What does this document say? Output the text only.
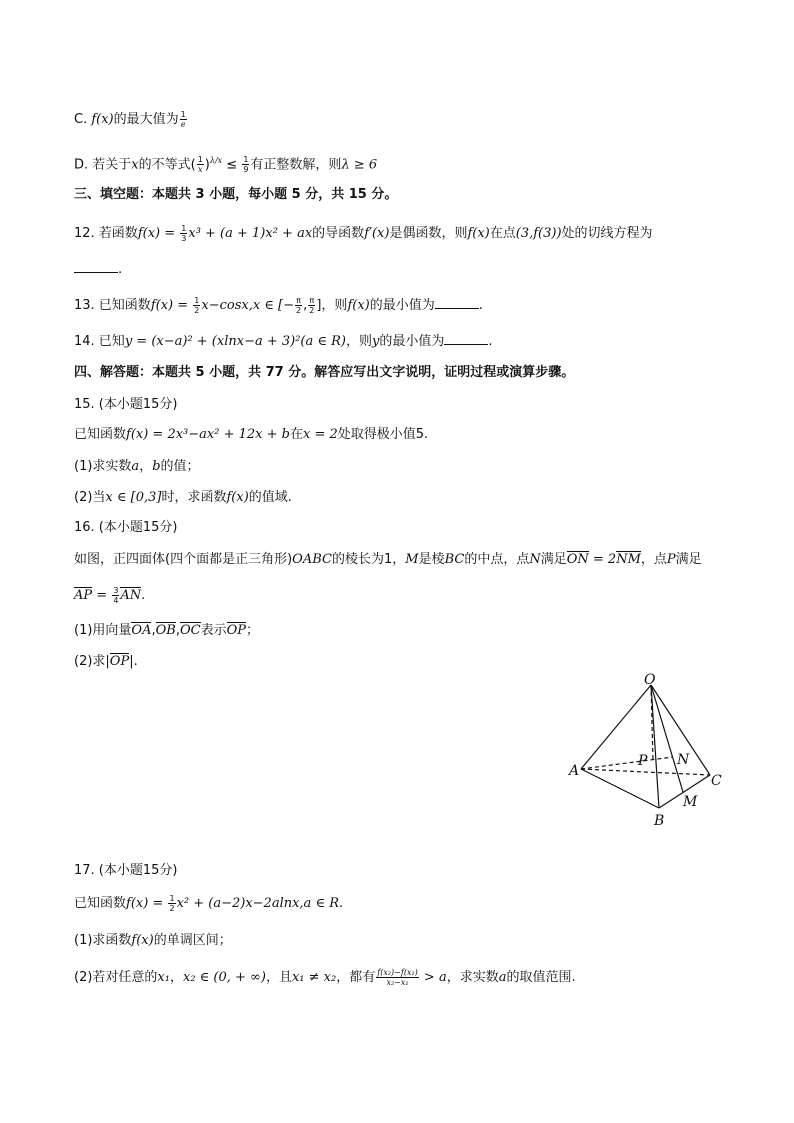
C. f(x)的最大值为 $\frac{1}{e}$
D. 若关于x的不等式( $\frac{1}{x} )^{\lambda/x} \le \frac{1}{9}$ 有正整数解，则λ ≥ 6
三、填空题：本题共 3 小题，每小题 5 分，共 15 分。
12. 若函数$f(x) = \frac{1}{3} x^3 + (a + 1)x^2$ + ax的导函数f′(x)是偶函数，则f(x)在点(3,f(3))处的切线方程为
.
13. 已知函数$f(x) = \frac{1}{2} x-\cos x,x$ ∈ [− $\frac{\pi}{2}$ , $\frac{\pi}{2}$ ]，则f(x)的最小值为	.
14. 已知y = (x−a)² + (xlnx−a + 3)²(a ∈ R)，则y的最小值为	.
四、解答题：本题共 5 小题，共 77 分。解答应写出文字说明，证明过程或演算步骤。
15. (本小题15分)
已知函数f(x) = 2x³−ax² + 12x + b在x = 2处取得极小值5.
(1)求实数a，b的值；
(2)当x ∈ [0,3]时，求函数f(x)的值域.
16. (本小题15分)
如图，正四面体(四个面都是正三角形)OABC的棱长为1，M是棱BC的中点，点N满足ON = 2NM，点P满足
AP = $\frac{3}{4}$ AN.
(1)用向量OA,OB,OC表示OP；
(2)求|OP|.
O
A
B
C
P N
M
17. (本小题15分)
已知函数$f(x) = \frac{1}{2} x^2 + (a-2)x-2alnx,a$ ∈ R.
(1)求函数f(x)的单调区间；
(2)若对任意的x₁，x₂ ∈ (0, + ∞)，且x₁ ≠ x₂，都有 $\frac{\text{f(x₂)−f(x₁)}}{\text{x₂−x₁}} > a$，求实数a的取值范围.
